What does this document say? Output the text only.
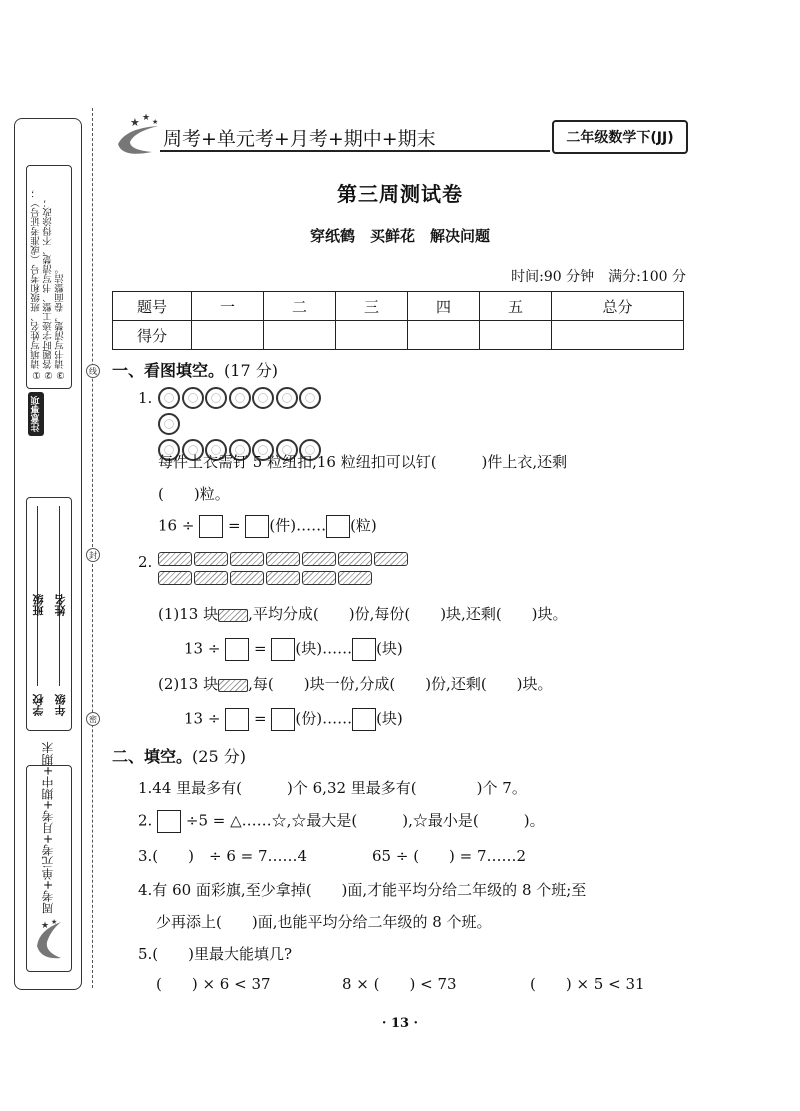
①请填写姓名、班级和考号（或准考证号）； ②答题时字迹工整、书写清楚、不得涂改； ③请书写清楚，卷面整洁。
注意事项
学校
班级
年级
姓名
周考+单元考+月考+期中+期末
★ ★
线
封
密
★ ★ ★
周考+单元考+月考+期中+期末	二年级数学下(JJ)
第三周测试卷
穿纸鹤　买鲜花　解决问题
时间:90 分钟　满分:100 分
题号	一	二	三	四	五	总分
得分						
一、看图填空。(17 分)
1.

每件上衣需钉 5 粒纽扣,16 粒纽扣可以钉(　　　)件上衣,还剩
(　　)粒。
16 ÷ = (件)…… (粒)
2.

(1)13 块 ,平均分成(　　)份,每份(　　)块,还剩(　　)块。
13 ÷ = (块)…… (块)
(2)13 块 ,每(　　)块一份,分成(　　)份,还剩(　　)块。
13 ÷ = (份)…… (块)
二、填空。(25 分)
1.44 里最多有(　　　)个 6,32 里最多有(　　　　)个 7。
2. ÷5 = △……☆,☆最大是(　　　),☆最小是(　　　)。
3.(　　)　÷ 6 = 7……4	65 ÷ (　　) = 7……2
4.有 60 面彩旗,至少拿掉(　　)面,才能平均分给二年级的 8 个班;至
少再添上(　　)面,也能平均分给二年级的 8 个班。
5.(　　)里最大能填几?
(　　) × 6 < 37	8 × (　　) < 73	(　　) × 5 < 31
· 13 ·
